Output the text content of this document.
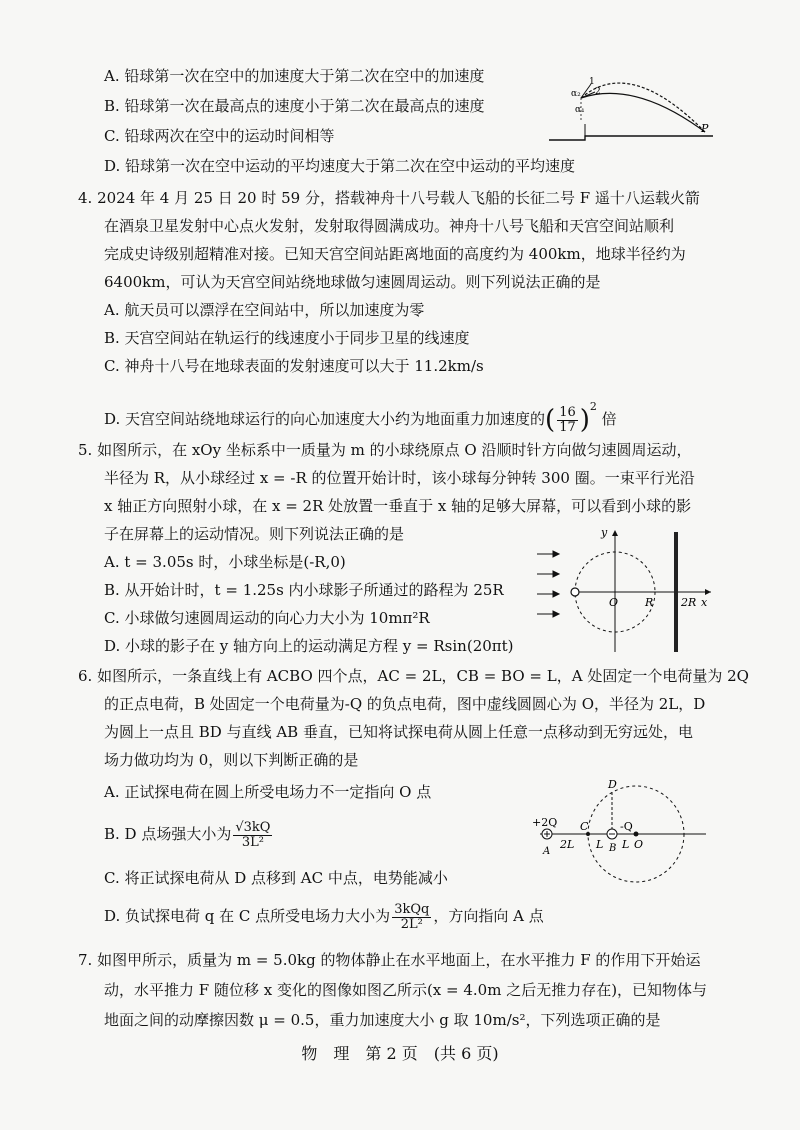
A. 铅球第一次在空中的加速度大于第二次在空中的加速度
B. 铅球第一次在最高点的速度小于第二次在最高点的速度
C. 铅球两次在空中的运动时间相等
D. 铅球第一次在空中运动的平均速度大于第二次在空中运动的平均速度
1
2
α₂
α₁
P
4. 2024 年 4 月 25 日 20 时 59 分，搭载神舟十八号载人飞船的长征二号 F 遥十八运载火箭
在酒泉卫星发射中心点火发射，发射取得圆满成功。神舟十八号飞船和天宫空间站顺利
完成史诗级别超精准对接。已知天宫空间站距离地面的高度约为 400km，地球半径约为
6400km，可认为天宫空间站绕地球做匀速圆周运动。则下列说法正确的是
A. 航天员可以漂浮在空间站中，所以加速度为零
B. 天宫空间站在轨运行的线速度小于同步卫星的线速度
C. 神舟十八号在地球表面的发射速度可以大于 11.2km/s
D. 天宫空间站绕地球运行的向心加速度大小约为地面重力加速度的( $\frac{16}{17} )^2$ 倍
5. 如图所示，在 xOy 坐标系中一质量为 m 的小球绕原点 O 沿顺时针方向做匀速圆周运动，
半径为 R，从小球经过 x = -R 的位置开始计时，该小球每分钟转 300 圈。一束平行光沿
x 轴正方向照射小球，在 x = 2R 处放置一垂直于 x 轴的足够大屏幕，可以看到小球的影
子在屏幕上的运动情况。则下列说法正确的是
A. t = 3.05s 时，小球坐标是(-R,0)
B. 从开始计时，t = 1.25s 内小球影子所通过的路程为 25R
C. 小球做匀速圆周运动的向心力大小为 10mπ²R
D. 小球的影子在 y 轴方向上的运动满足方程 y = Rsin(20πt)
y
O R	2R x
6. 如图所示，一条直线上有 ACBO 四个点，AC = 2L，CB = BO = L，A 处固定一个电荷量为 2Q
的正点电荷，B 处固定一个电荷量为-Q 的负点电荷，图中虚线圆圆心为 O，半径为 2L，D
为圆上一点且 BD 与直线 AB 垂直，已知将试探电荷从圆上任意一点移动到无穷远处，电
场力做功均为 0，则以下判断正确的是
A. 正试探电荷在圆上所受电场力不一定指向 O 点
B. D 点场强大小为 $\frac{√3kQ}{\text{3L²}}$
C. 将正试探电荷从 D 点移到 AC 中点，电势能减小
D. 负试探电荷 q 在 C 点所受电场力大小为 $\frac{\text{3kQq}}{\text{2L²}}$ ，方向指向 A 点
D
+2Q C	-Q
A
2L L B L O
7. 如图甲所示，质量为 m = 5.0kg 的物体静止在水平地面上，在水平推力 F 的作用下开始运
动，水平推力 F 随位移 x 变化的图像如图乙所示(x = 4.0m 之后无推力存在)，已知物体与
地面之间的动摩擦因数 μ = 0.5，重力加速度大小 g 取 10m/s²，下列选项正确的是
物　理　第 2 页　(共 6 页)
